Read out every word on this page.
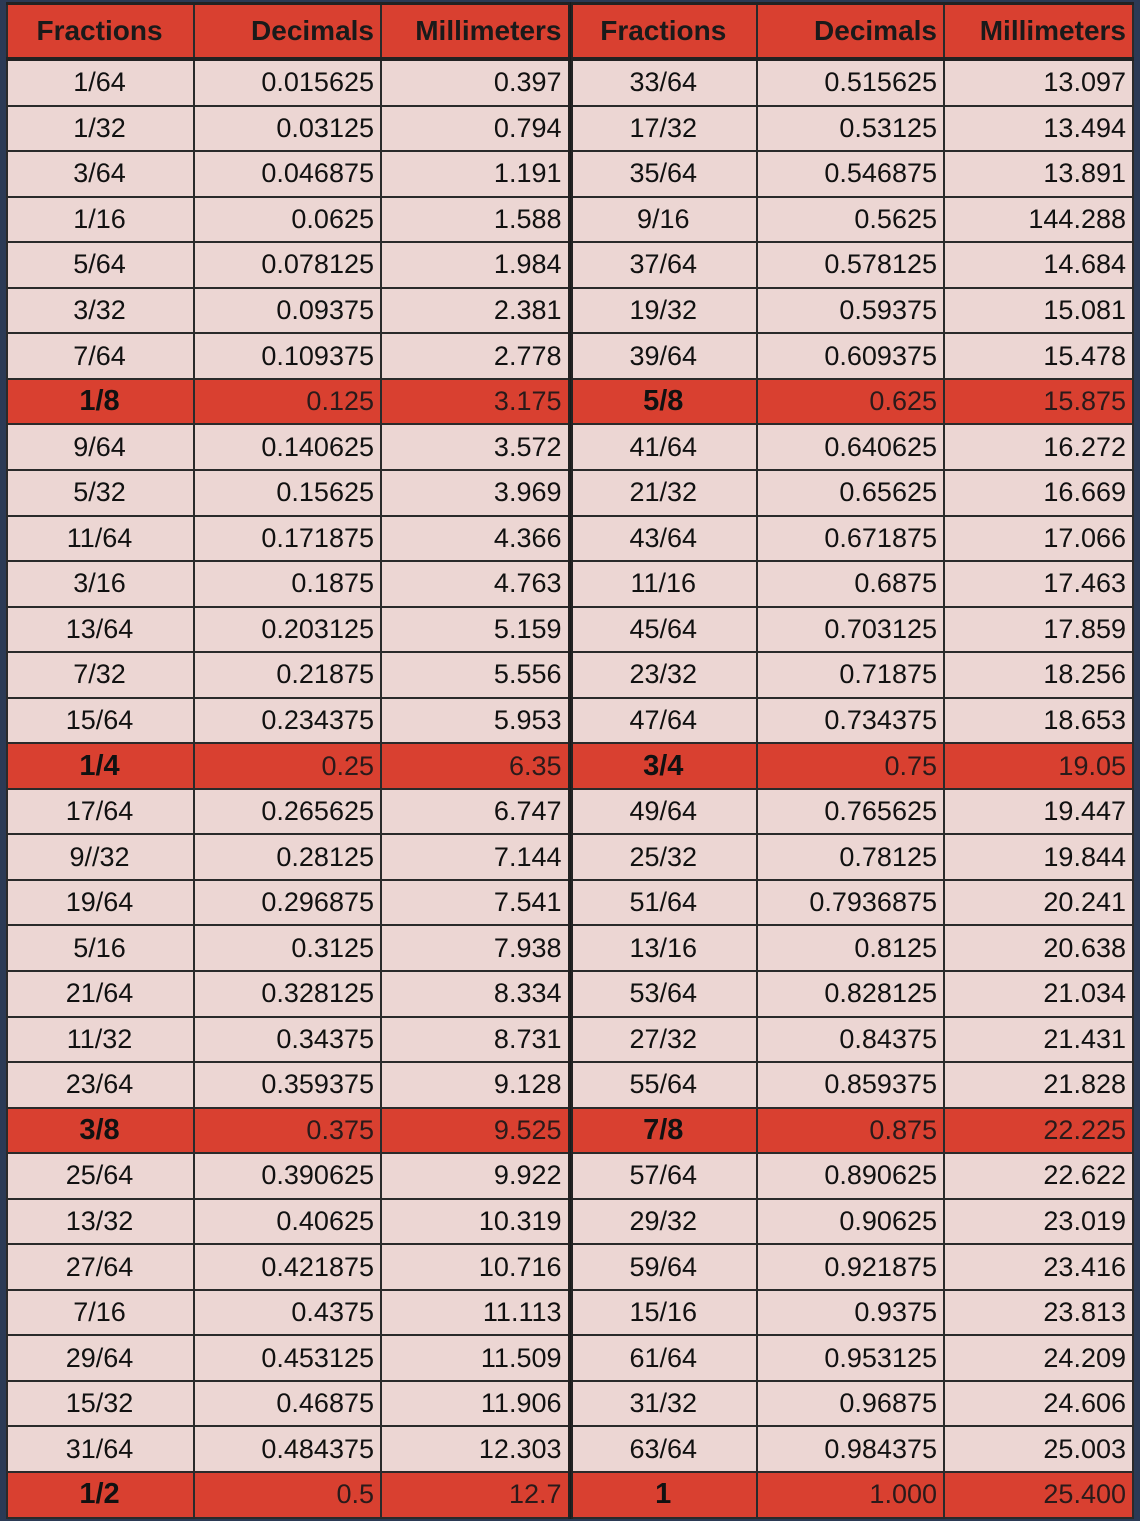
Fractions	Decimals	Millimeters	Fractions	Decimals	Millimeters
1/64	0.015625	0.397	33/64	0.515625	13.097
1/32	0.03125	0.794	17/32	0.53125	13.494
3/64	0.046875	1.191	35/64	0.546875	13.891
1/16	0.0625	1.588	9/16	0.5625	144.288
5/64	0.078125	1.984	37/64	0.578125	14.684
3/32	0.09375	2.381	19/32	0.59375	15.081
7/64	0.109375	2.778	39/64	0.609375	15.478
1/8	0.125	3.175	5/8	0.625	15.875
9/64	0.140625	3.572	41/64	0.640625	16.272
5/32	0.15625	3.969	21/32	0.65625	16.669
11/64	0.171875	4.366	43/64	0.671875	17.066
3/16	0.1875	4.763	11/16	0.6875	17.463
13/64	0.203125	5.159	45/64	0.703125	17.859
7/32	0.21875	5.556	23/32	0.71875	18.256
15/64	0.234375	5.953	47/64	0.734375	18.653
1/4	0.25	6.35	3/4	0.75	19.05
17/64	0.265625	6.747	49/64	0.765625	19.447
9//32	0.28125	7.144	25/32	0.78125	19.844
19/64	0.296875	7.541	51/64	0.7936875	20.241
5/16	0.3125	7.938	13/16	0.8125	20.638
21/64	0.328125	8.334	53/64	0.828125	21.034
11/32	0.34375	8.731	27/32	0.84375	21.431
23/64	0.359375	9.128	55/64	0.859375	21.828
3/8	0.375	9.525	7/8	0.875	22.225
25/64	0.390625	9.922	57/64	0.890625	22.622
13/32	0.40625	10.319	29/32	0.90625	23.019
27/64	0.421875	10.716	59/64	0.921875	23.416
7/16	0.4375	11.113	15/16	0.9375	23.813
29/64	0.453125	11.509	61/64	0.953125	24.209
15/32	0.46875	11.906	31/32	0.96875	24.606
31/64	0.484375	12.303	63/64	0.984375	25.003
1/2	0.5	12.7	1	1.000	25.400
